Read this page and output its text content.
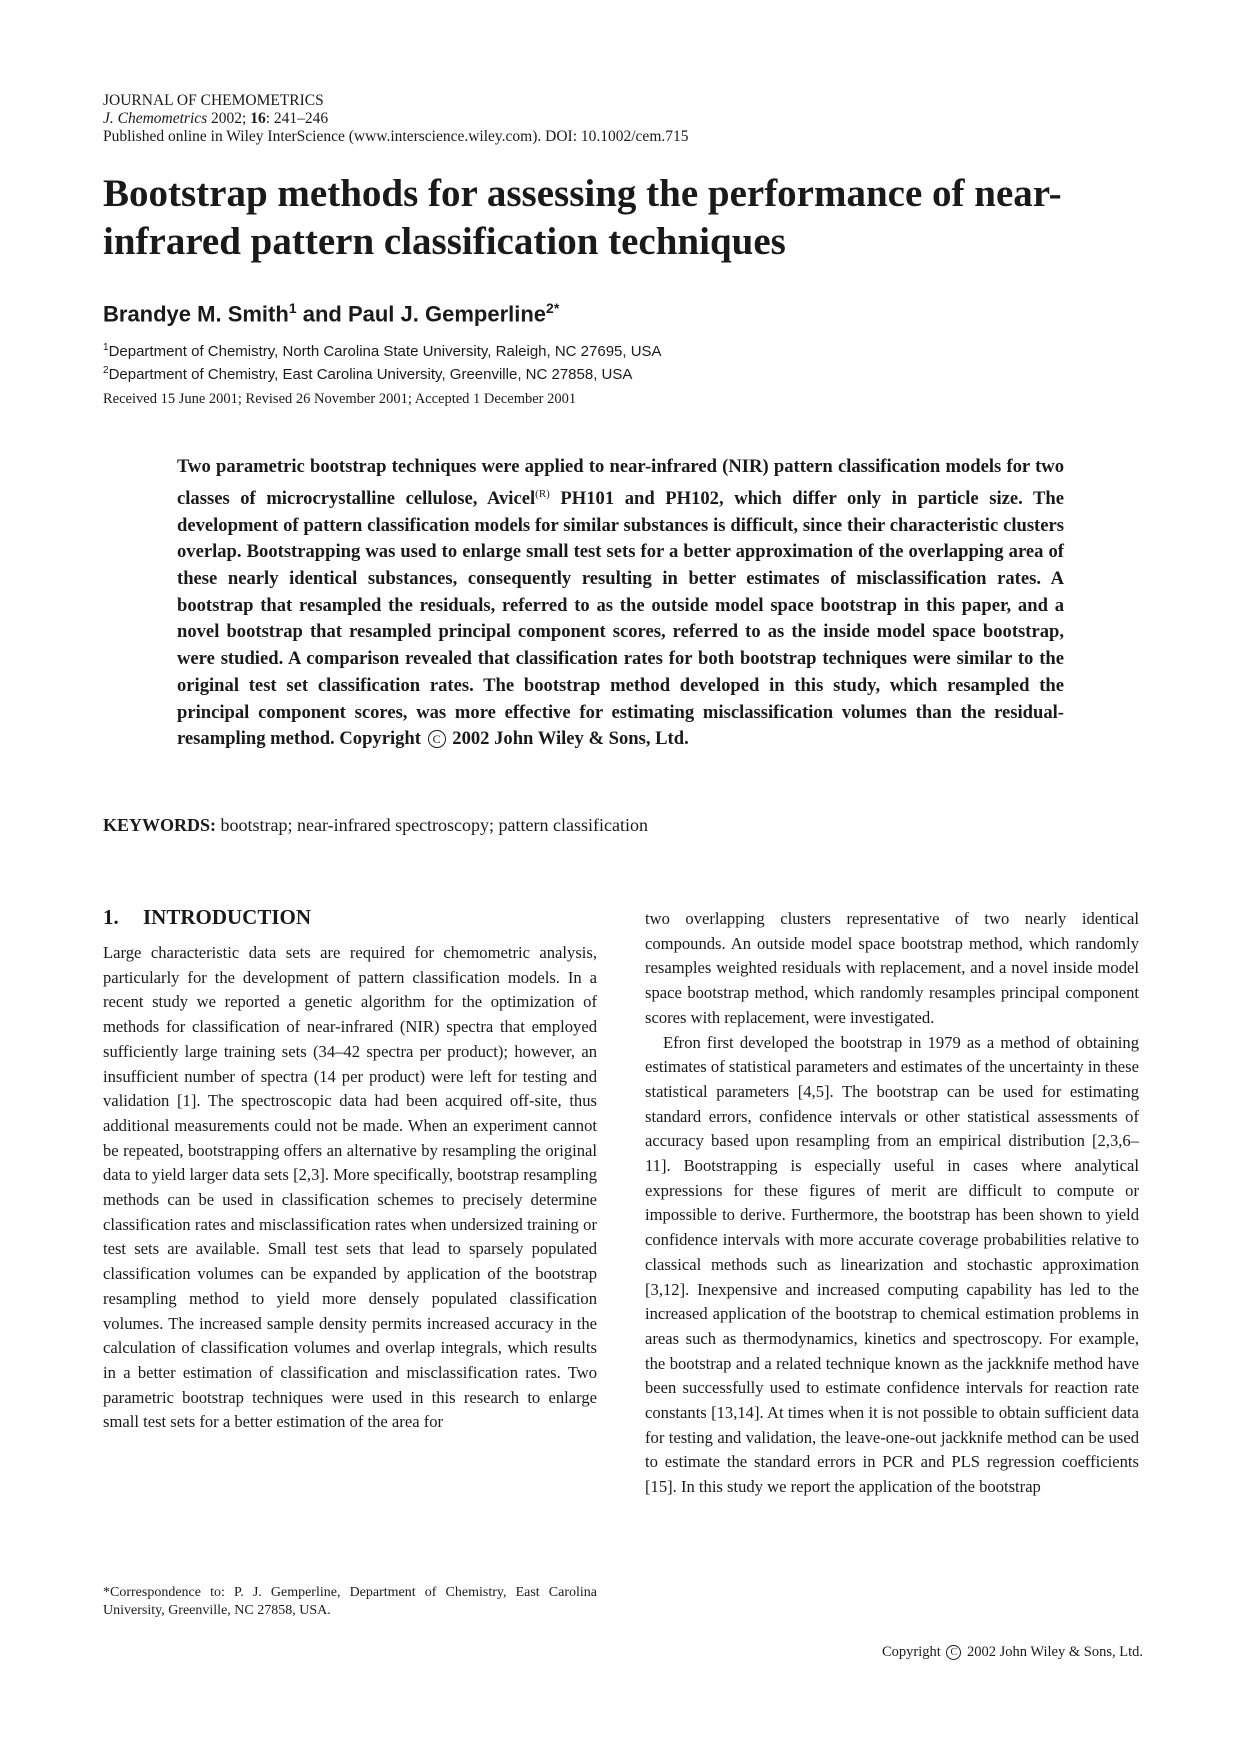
JOURNAL OF CHEMOMETRICS
J. Chemometrics 2002; 16: 241–246
Published online in Wiley InterScience (www.interscience.wiley.com). DOI: 10.1002/cem.715
Bootstrap methods for assessing the performance of near-infrared pattern classification techniques
Brandye M. Smith$^1$ and Paul J. Gemperline$^{2*}$
$^1$Department of Chemistry, North Carolina State University, Raleigh, NC 27695, USA
$^2$Department of Chemistry, East Carolina University, Greenville, NC 27858, USA
Received 15 June 2001; Revised 26 November 2001; Accepted 1 December 2001

Two parametric bootstrap techniques were applied to near-infrared (NIR) pattern classification models for two classes of microcrystalline cellulose, Avicel$^{(R)}$ PH101 and PH102, which differ only in particle size. The development of pattern classification models for similar substances is difficult, since their characteristic clusters overlap. Bootstrapping was used to enlarge small test sets for a better approximation of the overlapping area of these nearly identical substances, consequently resulting in better estimates of misclassification rates. A bootstrap that resampled the residuals, referred to as the outside model space bootstrap in this paper, and a novel bootstrap that resampled principal component scores, referred to as the inside model space bootstrap, were studied. A comparison revealed that classification rates for both bootstrap techniques were similar to the original test set classification rates. The bootstrap method developed in this study, which resampled the principal component scores, was more effective for estimating misclassification volumes than the residual-resampling method. Copyright C 2002 John Wiley & Sons, Ltd.

KEYWORDS: bootstrap; near-infrared spectroscopy; pattern classification
1. INTRODUCTION

Large characteristic data sets are required for chemometric analysis, particularly for the development of pattern classification models. In a recent study we reported a genetic algorithm for the optimization of methods for classification of near-infrared (NIR) spectra that employed sufficiently large training sets (34–42 spectra per product); however, an insufficient number of spectra (14 per product) were left for testing and validation [1]. The spectroscopic data had been acquired off-site, thus additional measurements could not be made. When an experiment cannot be repeated, bootstrapping offers an alternative by resampling the original data to yield larger data sets [2,3]. More specifically, bootstrap resampling methods can be used in classification schemes to precisely determine classification rates and misclassification rates when undersized training or test sets are available. Small test sets that lead to sparsely populated classification volumes can be expanded by application of the bootstrap resampling method to yield more densely populated classification volumes. The increased sample density permits increased accuracy in the calculation of classification volumes and overlap integrals, which results in a better estimation of classification and misclassification rates. Two parametric bootstrap techniques were used in this research to enlarge small test sets for a better estimation of the area for

two overlapping clusters representative of two nearly identical compounds. An outside model space bootstrap method, which randomly resamples weighted residuals with replacement, and a novel inside model space bootstrap method, which randomly resamples principal component scores with replacement, were investigated.

Efron first developed the bootstrap in 1979 as a method of obtaining estimates of statistical parameters and estimates of the uncertainty in these statistical parameters [4,5]. The bootstrap can be used for estimating standard errors, confidence intervals or other statistical assessments of accuracy based upon resampling from an empirical distribution [2,3,6–11]. Bootstrapping is especially useful in cases where analytical expressions for these figures of merit are difficult to compute or impossible to derive. Furthermore, the bootstrap has been shown to yield confidence intervals with more accurate coverage probabilities relative to classical methods such as linearization and stochastic approximation [3,12]. Inexpensive and increased computing capability has led to the increased application of the bootstrap to chemical estimation problems in areas such as thermodynamics, kinetics and spectroscopy. For example, the bootstrap and a related technique known as the jackknife method have been successfully used to estimate confidence intervals for reaction rate constants [13,14]. At times when it is not possible to obtain sufficient data for testing and validation, the leave-one-out jackknife method can be used to estimate the standard errors in PCR and PLS regression coefficients [15]. In this study we report the application of the bootstrap

*Correspondence to: P. J. Gemperline, Department of Chemistry, East Carolina University, Greenville, NC 27858, USA.
Copyright C 2002 John Wiley & Sons, Ltd.
